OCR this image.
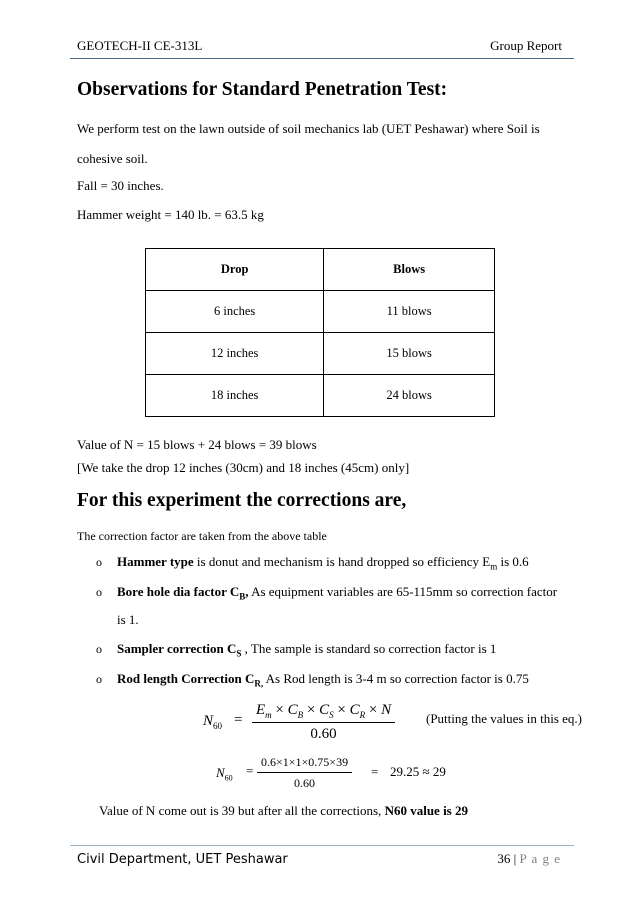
GEOTECH-II CE-313L	Group Report
Observations for Standard Penetration Test:
We perform test on the lawn outside of soil mechanics lab (UET Peshawar) where Soil is
cohesive soil.
Fall = 30 inches.
Hammer weight = 140 lb. = 63.5 kg
Drop	Blows
6 inches	11 blows
12 inches	15 blows
18 inches	24 blows
Value of N = 15 blows + 24 blows = 39 blows
[We take the drop 12 inches (30cm) and 18 inches (45cm) only]
For this experiment the corrections are,
The correction factor are taken from the above table
o Hammer type is donut and mechanism is hand dropped so efficiency $E_m$ is 0.6
o Bore hole dia factor $C_B$, As equipment variables are 65-115mm so correction factor
is 1.
o Sampler correction $C_S$ , The sample is standard so correction factor is 1
o Rod length Correction $C_{R,}$ As Rod length is 3-4 m so correction factor is 0.75
$N_{60} = \frac{E_m \times C_B \times C_S \times C_R \times N}{0.60}$ (Putting the values in this eq.)
$N_{60}$
= $\frac{0.6\times 1\times 1\times 0.75\times 39}{0.60} = 29.25 \approx 29$
Value of N come out is 39 but after all the corrections, N60 value is 29
Civil Department, UET Peshawar	36 | P a g e
